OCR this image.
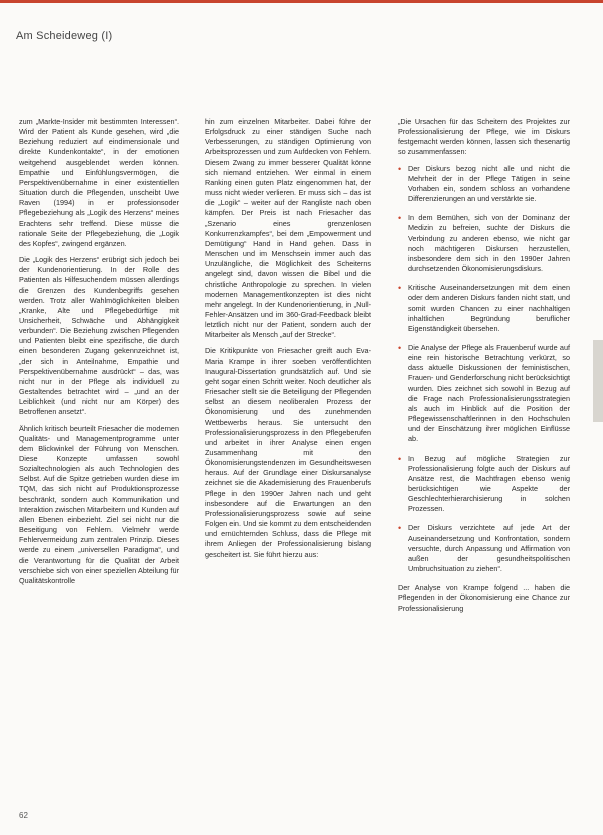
Am Scheideweg (I)

zum „Markte-Insider mit bestimmten Interessen“. Wird der Patient als Kunde gesehen, wird „die Beziehung reduziert auf eindimensionale und direkte Kundenkontakte“, in der emotionen weitgehend ausgeblendet werden können. Empathie und Einfühlungsvermögen, die Perspektivenübernahme in einer existentiellen Situation durch die Pflegenden, unscheibt Uwe Raven (1994) in er professionsoder Pflegebeziehung als „Logik des Herzens“ meines Erachtens sehr treffend. Diese müsse die rationale Seite der Pflegebeziehung, die „Logik des Kopfes“, zwingend ergänzen.

Die „Logik des Herzens“ erübrigt sich jedoch bei der Kundenorientierung. In der Rolle des Patienten als Hilfesuchendem müssen allerdings die Grenzen des Kundenbegriffs gesehen werden. Trotz aller Wahlmöglichkeiten bleiben „Kranke, Alte und Pflegebedürftige mit Unsicherheit, Schwäche und Abhängigkeit verbunden“. Die Beziehung zwischen Pflegenden und Patienten bleibt eine spezifische, die durch einen besonderen Zugang gekennzeichnet ist, „der sich in Anteilnahme, Empathie und Perspektivenübernahme ausdrückt“ – das, was nicht nur in der Pflege als individuell zu Gestaltendes betrachtet wird – „und an der Leiblichkeit (und nicht nur am Körper) des Betroffenen ansetzt“.

Ähnlich kritisch beurteilt Friesacher die modernen Qualitäts- und Managementprogramme unter dem Blickwinkel der Führung von Menschen. Diese Konzepte umfassen sowohl Sozialtechnologien als auch Technologien des Selbst. Auf die Spitze getrieben wurden diese im TQM, das sich nicht auf Produktionsprozesse beschränkt, sondern auch Kommunikation und Interaktion zwischen Mitarbeitern und Kunden auf allen Ebenen einbezieht. Ziel sei nicht nur die Beseitigung von Fehlern. Vielmehr werde Fehlervermeidung zum zentralen Prinzip. Dieses werde zu einem „universellen Paradigma“, und die Verantwortung für die Qualität der Arbeit verschiebe sich von einer speziellen Abteilung für Qualitätskontrolle

hin zum einzelnen Mitarbeiter. Dabei führe der Erfolgsdruck zu einer ständigen Suche nach Verbesserungen, zu ständigen Optimierung von Arbeitsprozessen und zum Aufdecken von Fehlern. Diesem Zwang zu immer besserer Qualität könne sich niemand entziehen. Wer einmal in einem Ranking einen guten Platz eingenommen hat, der muss nicht wieder verlieren. Er muss sich – das ist die „Logik“ – weiter auf der Rangliste nach oben kämpfen. Der Preis ist nach Friesacher das „Szenario eines grenzenlosen Konkurrenzkampfes“, bei dem „Empowerment und Demütigung“ Hand in Hand gehen. Dass in Menschen und im Menschsein immer auch das Unzulängliche, die Möglichkeit des Scheiterns angelegt sind, davon wissen die Bibel und die christliche Anthropologie zu sprechen. In vielen modernen Managementkonzepten ist dies nicht mehr angelegt. In der Kundenorientierung, in „Null-Fehler-Ansätzen und im 360-Grad-Feedback bleibt letztlich nicht nur der Patient, sondern auch der Mitarbeiter als Mensch „auf der Strecke“.

Die Kritikpunkte von Friesacher greift auch Eva-Maria Krampe in ihrer soeben veröffentlichten Inaugural-Dissertation grundsätzlich auf. Und sie geht sogar einen Schritt weiter. Noch deutlicher als Friesacher stellt sie die Beteiligung der Pflegenden selbst an diesem neoliberalen Prozess der Ökonomisierung und des zunehmenden Wettbewerbs heraus. Sie untersucht den Professionalisierungsprozess in den Pflegeberufen und arbeitet in ihrer Analyse einen engen Zusammenhang mit den Ökonomisierungstendenzen im Gesundheitswesen heraus. Auf der Grundlage einer Diskursanalyse zeichnet sie die Akademisierung des Frauenberufs Pflege in den 1990er Jahren nach und geht insbesondere auf die Erwartungen an den Professionalisierungsprozess sowie auf seine Folgen ein. Und sie kommt zu dem entscheidenden und ernüchternden Schluss, dass die Pflege mit ihrem Anliegen der Professionalisierung bislang gescheitert ist. Sie führt hierzu aus:

„Die Ursachen für das Scheitern des Projektes zur Professionalisierung der Pflege, wie im Diskurs festgemacht werden können, lassen sich thesenartig so zusammenfassen:

• Der Diskurs bezog nicht alle und nicht die Mehrheit der in der Pflege Tätigen in seine Vorhaben ein, sondern schloss an vorhandene Differenzierungen an und verstärkte sie.
• In dem Bemühen, sich von der Dominanz der Medizin zu befreien, suchte der Diskurs die Verbindung zu anderen ebenso, wie nicht gar noch mächtigeren Diskursen herzustellen, insbesondere dem sich in den 1990er Jahren durchsetzenden Ökonomisierungsdiskurs.
• Kritische Auseinandersetzungen mit dem einen oder dem anderen Diskurs fanden nicht statt, und somit wurden Chancen zu einer nachhaltigen inhaltlichen Begründung beruflicher Eigenständigkeit übersehen.
• Die Analyse der Pflege als Frauenberuf wurde auf eine rein historische Betrachtung verkürzt, so dass aktuelle Diskussionen der feministischen, Frauen- und Genderforschung nicht berücksichtigt wurden. Dies zeichnet sich sowohl in Bezug auf die Frage nach Professionalisierungsstrategien als auch im Hinblick auf die Position der Pflegewissenschaftlerinnen in den Hochschulen und der Einschätzung ihrer möglichen Einflüsse ab.
• In Bezug auf mögliche Strategien zur Professionalisierung folgte auch der Diskurs auf Ansätze rest, die Machtfragen ebenso wenig berücksichtigen wie Aspekte der Geschlechterhierarchisierung in solchen Prozessen.
• Der Diskurs verzichtete auf jede Art der Auseinandersetzung und Konfrontation, sondern versuchte, durch Anpassung und Affirmation von außen der gesundheitspolitischen Umbruchsituation zu ziehen“.

Der Analyse von Krampe folgend ... haben die Pflegenden in der Ökonomisierung eine Chance zur Professionalisierung

62
